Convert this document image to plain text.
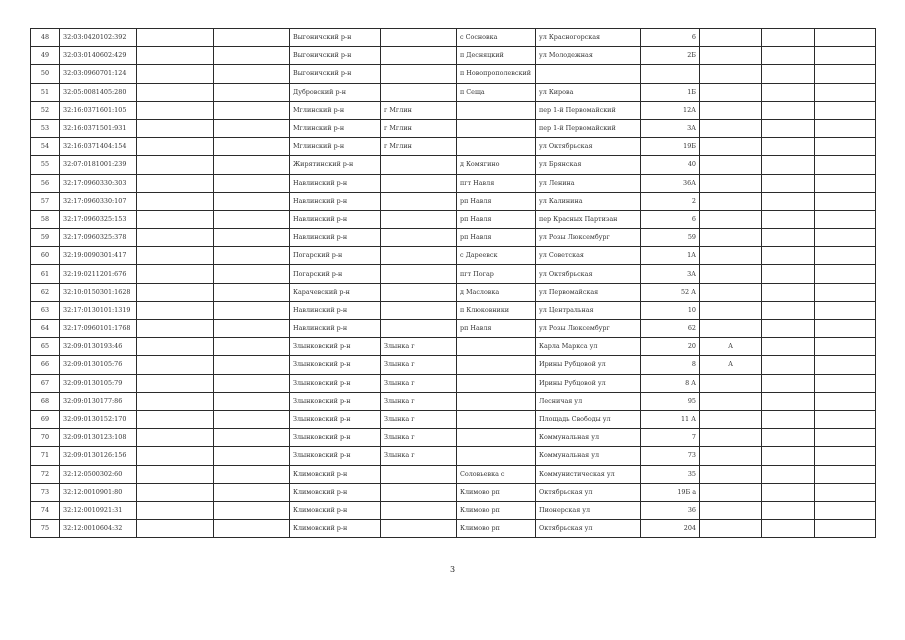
48	32:03:0420102:392			Выгоничский р-н		с Сосновка	ул Красногорская	6			
49	32:03:0140602:429			Выгоничский р-н		п Десняцкий	ул Молодежная	2Б			
50	32:03:0960701:124			Выгоничский р-н		п Новопрополевский					
51	32:05:0081405:280			Дубровский р-н		п Сеща	ул Кирова	1Б			
52	32:16:0371601:105			Мглинский р-н	г Мглин		пер 1-й Первомайский	12А			
53	32:16:0371501:931			Мглинский р-н	г Мглин		пер 1-й Первомайский	3А			
54	32:16:0371404:154			Мглинский р-н	г Мглин		ул Октябрьская	19Б			
55	32:07:0181001:239			Жирятинский р-н		д Комягино	ул Брянская	40			
56	32:17:0960330:303			Навлинский р-н		пгт Навля	ул Ленина	36А			
57	32:17:0960330:107			Навлинский р-н		рп Навля	ул Калинина	2			
58	32:17:0960325:153			Навлинский р-н		рп Навля	пер Красных Партизан	6			
59	32:17:0960325:378			Навлинский р-н		рп Навля	ул Розы Люксембург	59			
60	32:19:0090301:417			Погарский р-н		с Дареевск	ул Советская	1А			
61	32:19:0211201:676			Погарский р-н		пгт Погар	ул Октябрьская	3А			
62	32:10:0150301:1628			Карачевский р-н		д Масловка	ул Первомайская	52 А			
63	32:17:0130101:1319			Навлинский р-н		п Клюковники	ул Центральная	10			
64	32:17:0960101:1768			Навлинский р-н		рп Навля	ул Розы Люксембург	62			
65	32:09:0130193:46			Злынковский р-н	Злынка г		Карла Маркса ул	20	А		
66	32:09:0130105:76			Злынковский р-н	Злынка г		Ирины Рубцовой ул	8	А		
67	32:09:0130105:79			Злынковский р-н	Злынка г		Ирины Рубцовой ул	8 А			
68	32:09:0130177:86			Злынковский р-н	Злынка г		Лесничая ул	95			
69	32:09:0130152:170			Злынковский р-н	Злынка г		Площадь Свободы ул	11 А			
70	32:09:0130123:108			Злынковский р-н	Злынка г		Коммунальная ул	7			
71	32:09:0130126:156			Злынковский р-н	Злынка г		Коммунальная ул	73			
72	32:12:0500302:60			Климовский р-н		Соловьевка с	Коммунистическая ул	35			
73	32:12:0010901:80			Климовский р-н		Климово рп	Октябрьская ул	19Б а			
74	32:12:0010921:31			Климовский р-н		Климово рп	Пионерская ул	36			
75	32:12:0010604:32			Климовский р-н		Климово рп	Октябрьская ул	204			
3
